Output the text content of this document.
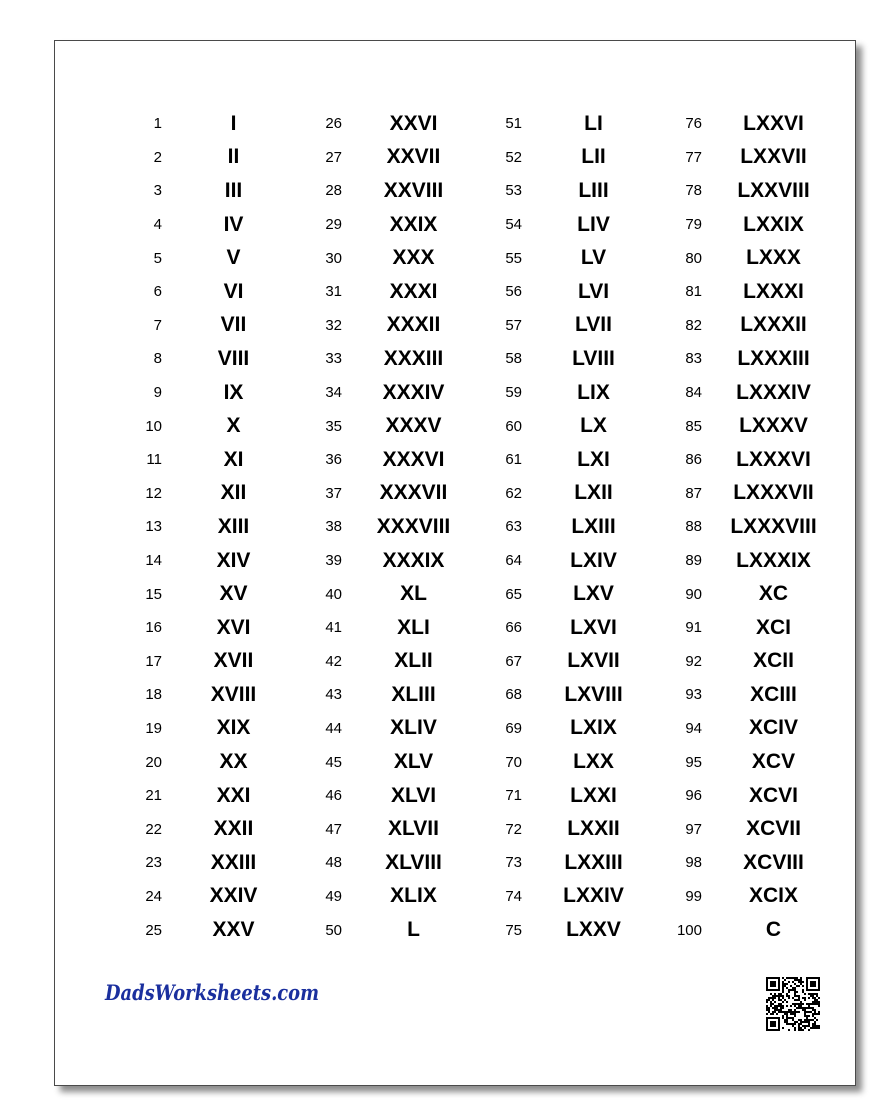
1	I
2	II
3	III
4	IV
5	V
6	VI
7	VII
8	VIII
9	IX
10	X
11	XI
12	XII
13	XIII
14	XIV
15	XV
16	XVI
17	XVII
18	XVIII
19	XIX
20	XX
21	XXI
22	XXII
23	XXIII
24	XXIV
25	XXV
26	XXVI
27	XXVII
28	XXVIII
29	XXIX
30	XXX
31	XXXI
32	XXXII
33	XXXIII
34	XXXIV
35	XXXV
36	XXXVI
37	XXXVII
38	XXXVIII
39	XXXIX
40	XL
41	XLI
42	XLII
43	XLIII
44	XLIV
45	XLV
46	XLVI
47	XLVII
48	XLVIII
49	XLIX
50	L
51	LI
52	LII
53	LIII
54	LIV
55	LV
56	LVI
57	LVII
58	LVIII
59	LIX
60	LX
61	LXI
62	LXII
63	LXIII
64	LXIV
65	LXV
66	LXVI
67	LXVII
68	LXVIII
69	LXIX
70	LXX
71	LXXI
72	LXXII
73	LXXIII
74	LXXIV
75	LXXV
76	LXXVI
77	LXXVII
78	LXXVIII
79	LXXIX
80	LXXX
81	LXXXI
82	LXXXII
83	LXXXIII
84	LXXXIV
85	LXXXV
86	LXXXVI
87	LXXXVII
88	LXXXVIII
89	LXXXIX
90	XC
91	XCI
92	XCII
93	XCIII
94	XCIV
95	XCV
96	XCVI
97	XCVII
98	XCVIII
99	XCIX
100	C
DadsWorksheets.com
